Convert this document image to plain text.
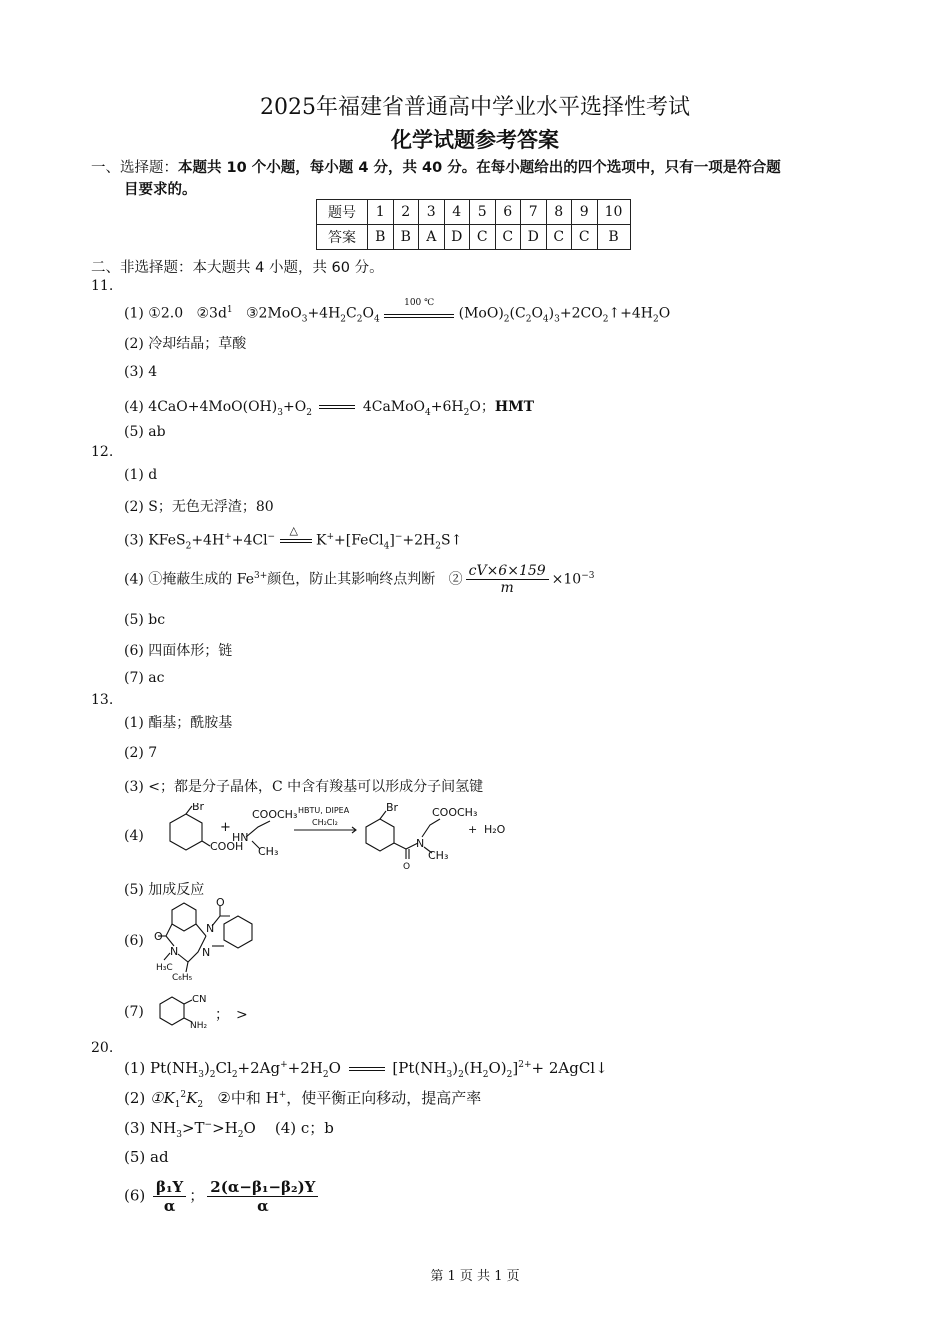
2025年福建省普通高中学业水平选择性考试
化学试题参考答案
一、选择题：本题共 10 个小题，每小题 4 分，共 40 分。在每小题给出的四个选项中，只有一项是符合题
目要求的。
题号	1	2	3	4	5	6	7	8	9	10
答案	B	B	A	D	C	C	D	C	C	B
二、非选择题：本大题共 4 小题，共 60 分。
11.
(1) ①2.0 $②3d^1$ $③2MoO_3+4H_2C_2O_4$
100 ℃
$(MoO)_2(C_2O_4)_3+2CO_2↑+4H_2O$
(2) 冷却结晶；草酸
(3) 4
(4) $4CaO+4MoO(OH)_3+O_2$	$4CaMoO_4+6H_2O$；HMT
(5) ab
12.
(1) d
(2) S；无色无浮渣；80
(3) KFeS$_2$+4H++4Cl−
△
$K^++[FeCl_4]^-+2H_2S↑$
(4) ①掩蔽生成的 $Fe^{3+}$颜色，防止其影响终点判断 ② $\frac{cV\times 6\times 159}{m} \times 10^{-3}$
(5) bc
(6) 四面体形；链
(7) ac
13.
(1) 酯基；酰胺基
(2) 7
(3) <；都是分子晶体，C 中含有羧基可以形成分子间氢键
(4)
Br
COOH
+
COOCH₃
HN
CH₃
HBTU, DIPEA
CH₂Cl₂
Br
O
N
COOCH₃
CH₃
+ H₂O
(5) 加成反应
(6) O
N
H₃C
C₆H₅
N
N
O
(7)
CN
NH₂
；　>
20.
(1) $Pt(NH_3)_2Cl_2+2Ag^++2H_2O$	$[Pt(NH_3)_2(H_2O)_2]^{2+}+$ 2AgCl↓
(2) $①K_1^2K_2$ ②中和 H+，使平衡正向移动，提高产率
(3) $NH_3>T^->H_2O$    (4) c；b
(5) ad
$(6) \frac{\text{β₁Y}}{\alpha}$ ； $\frac{\text{2(α−β₁−β₂)Y}}{\alpha}$
第 1 页 共 1 页
